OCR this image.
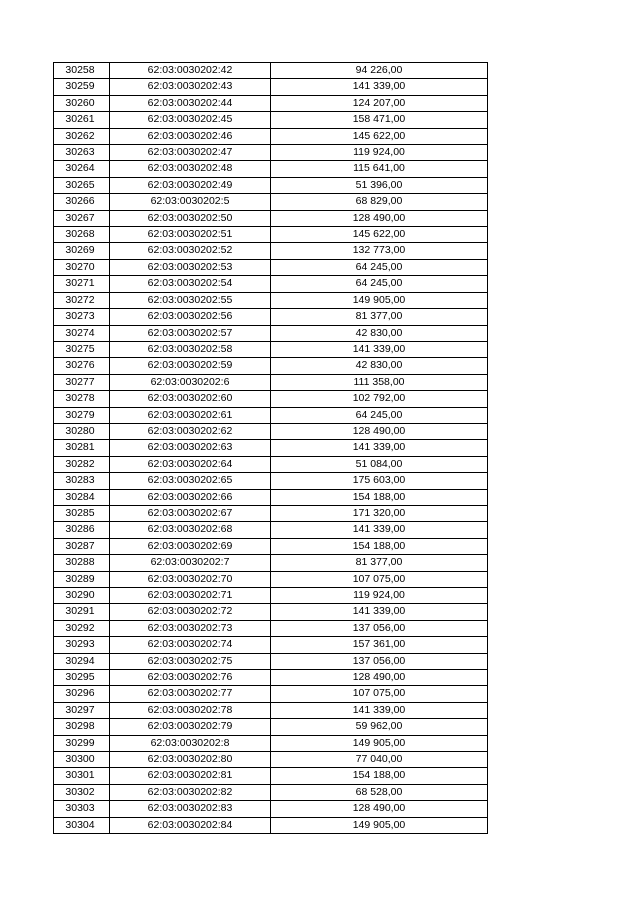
30258	62:03:0030202:42	94 226,00
30259	62:03:0030202:43	141 339,00
30260	62:03:0030202:44	124 207,00
30261	62:03:0030202:45	158 471,00
30262	62:03:0030202:46	145 622,00
30263	62:03:0030202:47	119 924,00
30264	62:03:0030202:48	115 641,00
30265	62:03:0030202:49	51 396,00
30266	62:03:0030202:5	68 829,00
30267	62:03:0030202:50	128 490,00
30268	62:03:0030202:51	145 622,00
30269	62:03:0030202:52	132 773,00
30270	62:03:0030202:53	64 245,00
30271	62:03:0030202:54	64 245,00
30272	62:03:0030202:55	149 905,00
30273	62:03:0030202:56	81 377,00
30274	62:03:0030202:57	42 830,00
30275	62:03:0030202:58	141 339,00
30276	62:03:0030202:59	42 830,00
30277	62:03:0030202:6	111 358,00
30278	62:03:0030202:60	102 792,00
30279	62:03:0030202:61	64 245,00
30280	62:03:0030202:62	128 490,00
30281	62:03:0030202:63	141 339,00
30282	62:03:0030202:64	51 084,00
30283	62:03:0030202:65	175 603,00
30284	62:03:0030202:66	154 188,00
30285	62:03:0030202:67	171 320,00
30286	62:03:0030202:68	141 339,00
30287	62:03:0030202:69	154 188,00
30288	62:03:0030202:7	81 377,00
30289	62:03:0030202:70	107 075,00
30290	62:03:0030202:71	119 924,00
30291	62:03:0030202:72	141 339,00
30292	62:03:0030202:73	137 056,00
30293	62:03:0030202:74	157 361,00
30294	62:03:0030202:75	137 056,00
30295	62:03:0030202:76	128 490,00
30296	62:03:0030202:77	107 075,00
30297	62:03:0030202:78	141 339,00
30298	62:03:0030202:79	59 962,00
30299	62:03:0030202:8	149 905,00
30300	62:03:0030202:80	77 040,00
30301	62:03:0030202:81	154 188,00
30302	62:03:0030202:82	68 528,00
30303	62:03:0030202:83	128 490,00
30304	62:03:0030202:84	149 905,00
